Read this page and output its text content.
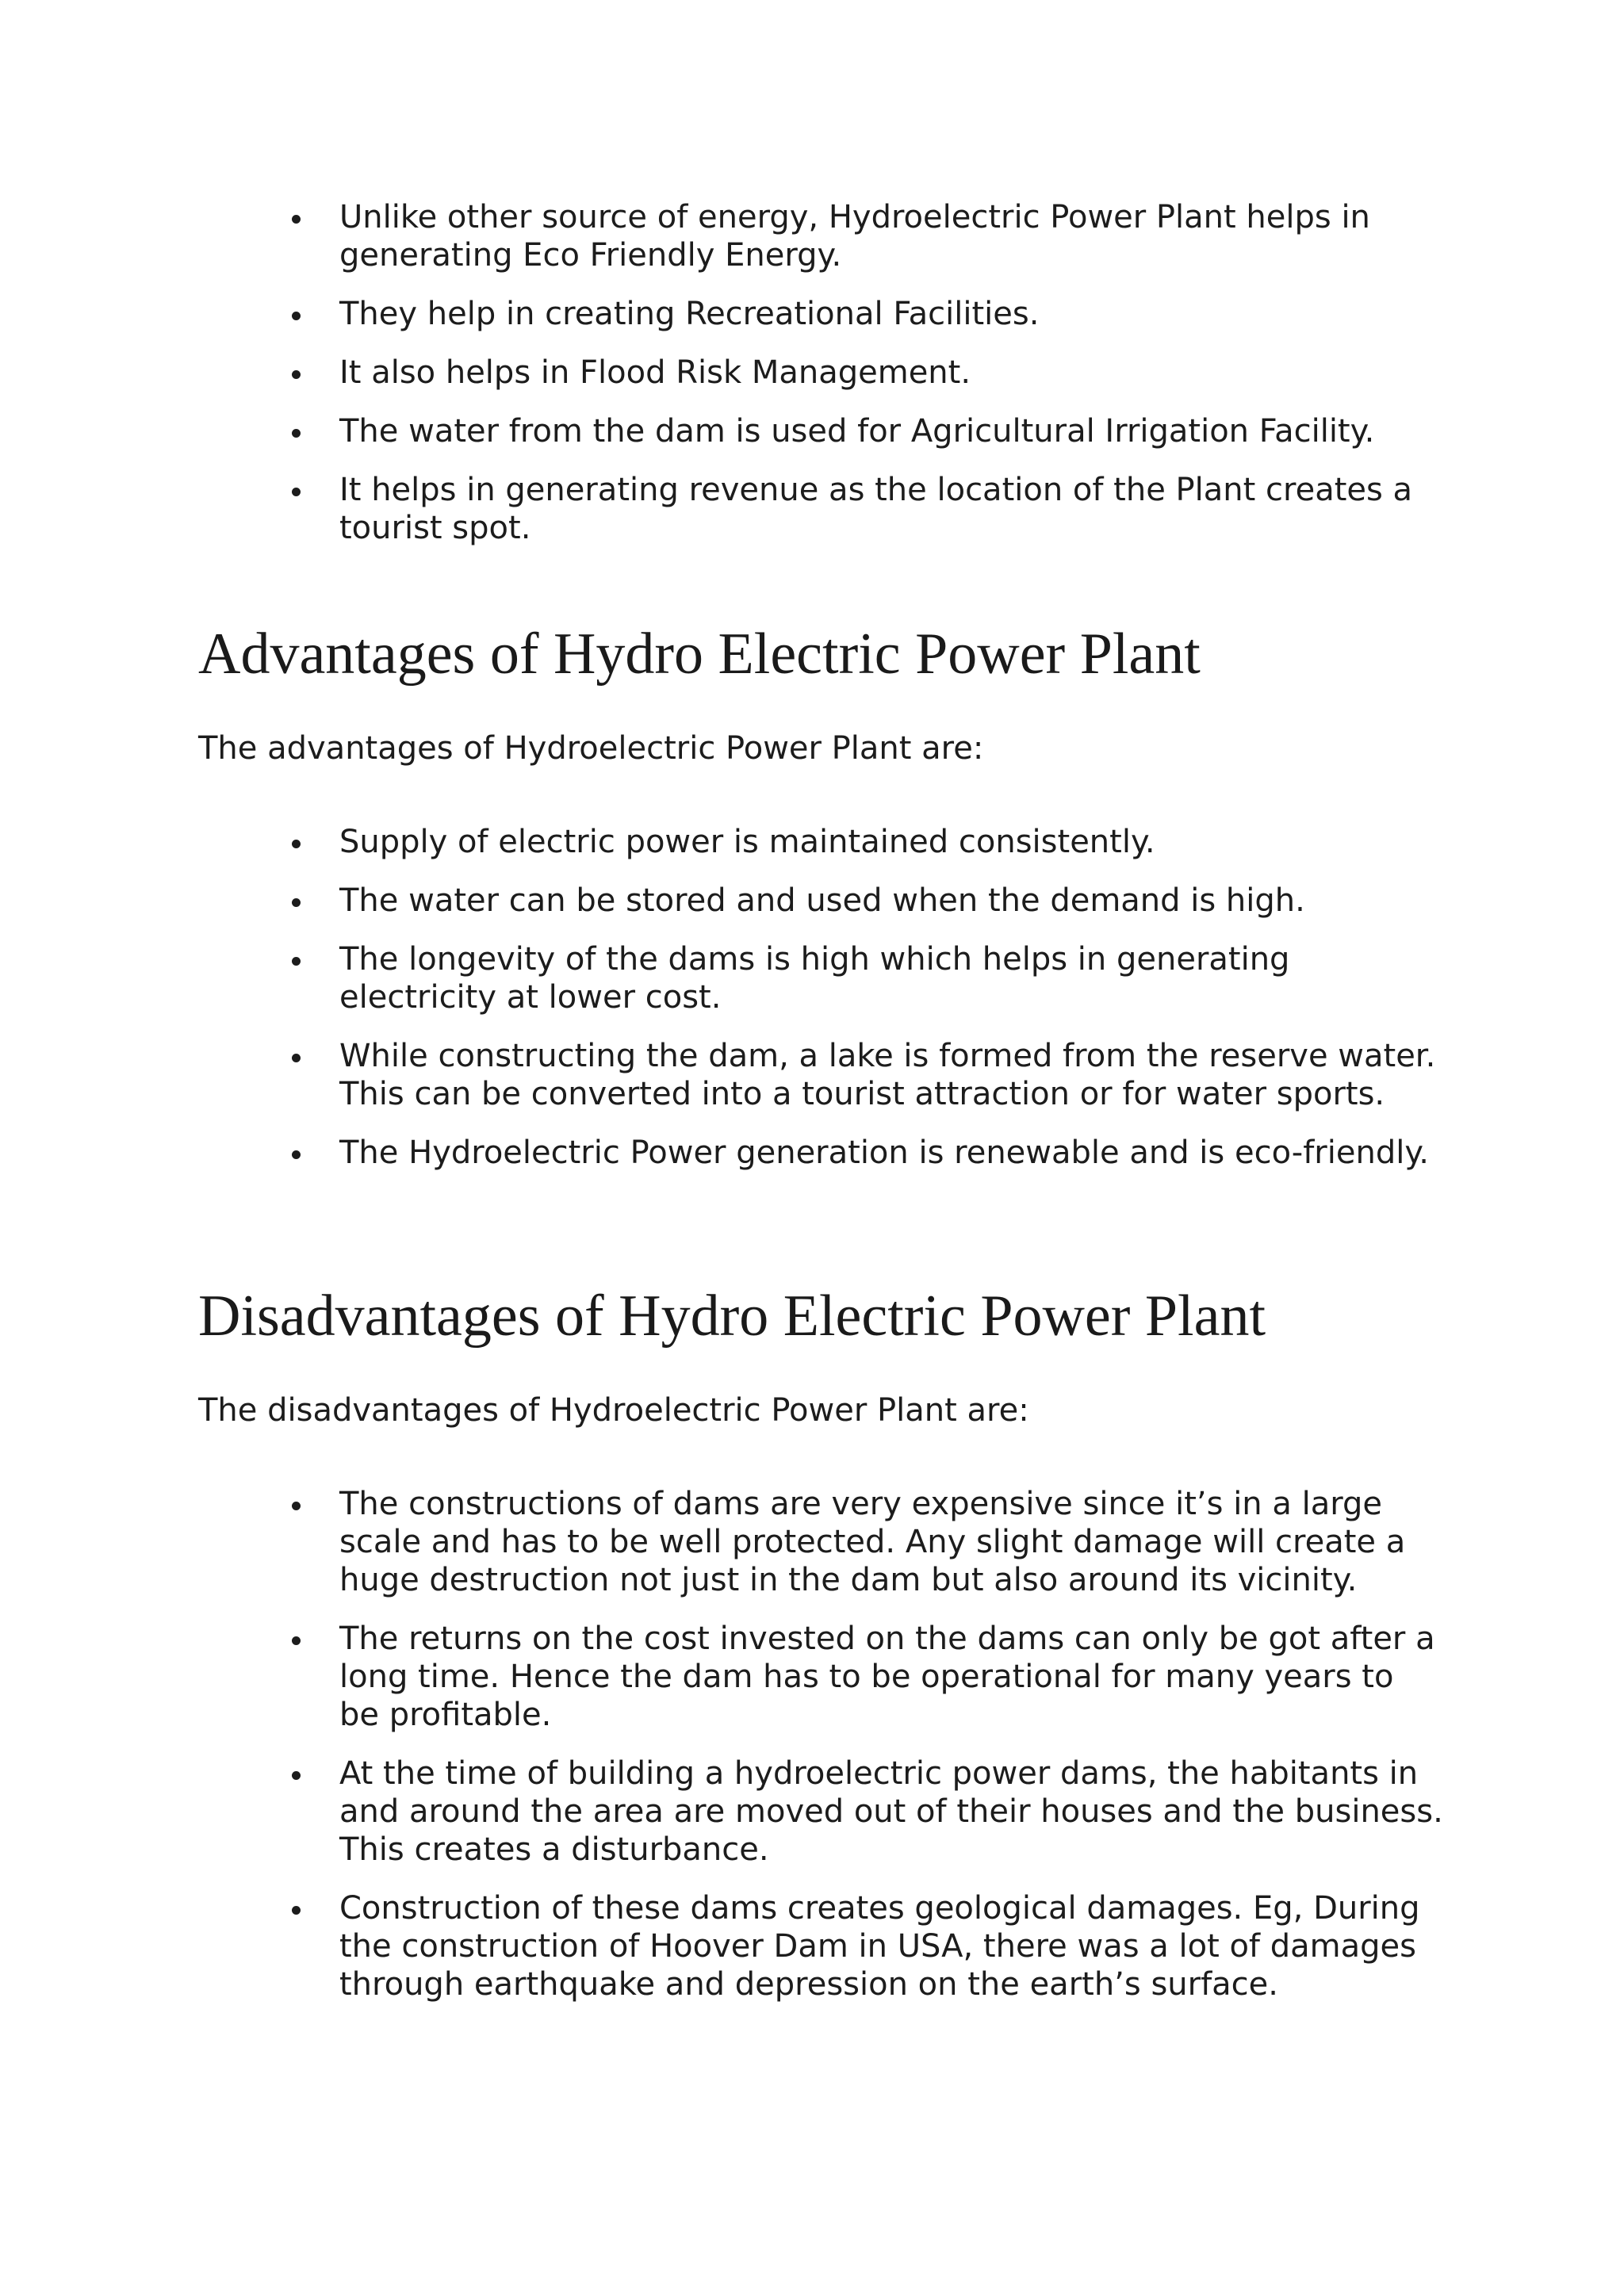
Unlike other source of energy, Hydroelectric Power Plant helps in generating Eco Friendly Energy.
They help in creating Recreational Facilities.
It also helps in Flood Risk Management.
The water from the dam is used for Agricultural Irrigation Facility.
It helps in generating revenue as the location of the Plant creates a tourist spot.
Advantages of Hydro Electric Power Plant

The advantages of Hydroelectric Power Plant are:

Supply of electric power is maintained consistently.
The water can be stored and used when the demand is high.
The longevity of the dams is high which helps in generating electricity at lower cost.
While constructing the dam, a lake is formed from the reserve water. This can be converted into a tourist attraction or for water sports.
The Hydroelectric Power generation is renewable and is eco-friendly.
Disadvantages of Hydro Electric Power Plant

The disadvantages of Hydroelectric Power Plant are:

The constructions of dams are very expensive since it’s in a large scale and has to be well protected. Any slight damage will create a huge destruction not just in the dam but also around its vicinity.
The returns on the cost invested on the dams can only be got after a long time. Hence the dam has to be operational for many years to be profitable.
At the time of building a hydroelectric power dams, the habitants in and around the area are moved out of their houses and the business. This creates a disturbance.
Construction of these dams creates geological damages. Eg, During the construction of Hoover Dam in USA, there was a lot of damages through earthquake and depression on the earth’s surface.
